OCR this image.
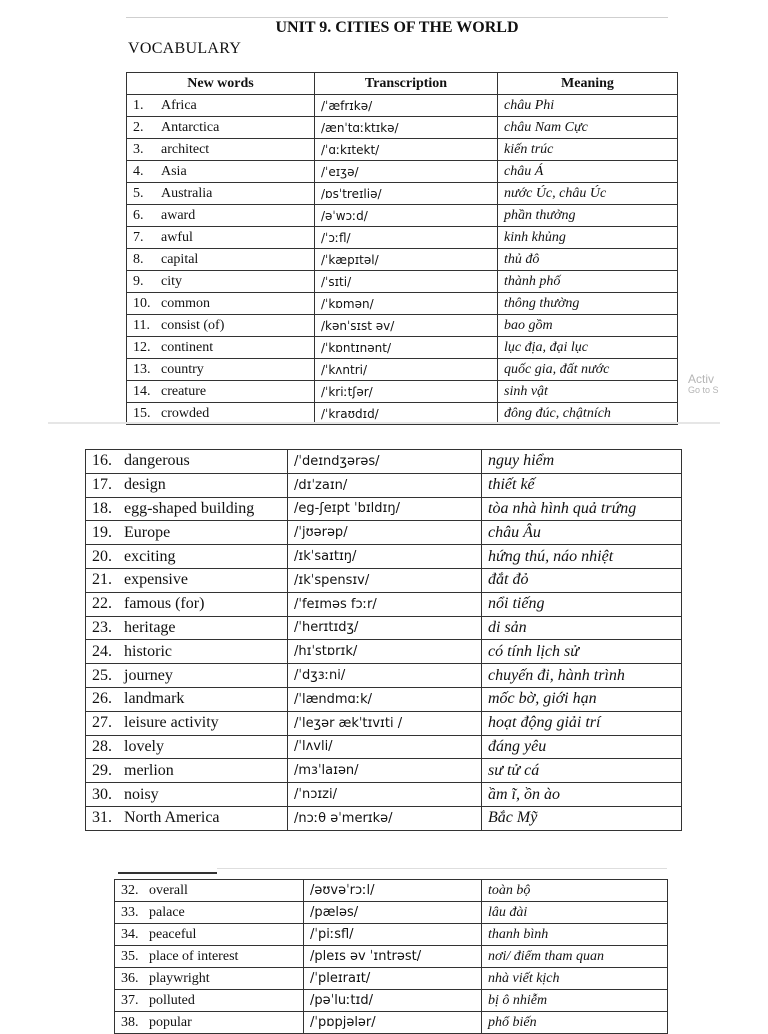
UNIT 9. CITIES OF THE WORLD
VOCABULARY
New words	Transcription	Meaning
1. Africa	/ˈæfrɪkə/	châu Phi
2. Antarctica	/ænˈtɑːktɪkə/	châu Nam Cực
3. architect	/ˈɑːkɪtekt/	kiến trúc
4. Asia	/ˈeɪʒə/	châu Á
5. Australia	/ɒsˈtreɪliə/	nước Úc, châu Úc
6. award	/əˈwɔːd/	phần thưởng
7. awful	/ˈɔːfl/	kinh khủng
8. capital	/ˈkæpɪtəl/	thủ đô
9. city	/ˈsɪti/	thành phố
10. common	/ˈkɒmən/	thông thường
11. consist (of)	/kənˈsɪst əv/	bao gồm
12. continent	/ˈkɒntɪnənt/	lục địa, đại lục
13. country	/ˈkʌntri/	quốc gia, đất nước
14. creature	/ˈkriːtʃər/	sinh vật
15. crowded	/ˈkraʊdɪd/	đông đúc, chậtních
Activ
Go to S
16. dangerous	/ˈdeɪndʒərəs/	nguy hiểm
17. design	/dɪˈzaɪn/	thiết kế
18. egg-shaped building	/eg-ʃeɪpt ˈbɪldɪŋ/	tòa nhà hình quả trứng
19. Europe	/ˈjʊərəp/	châu Âu
20. exciting	/ɪkˈsaɪtɪŋ/	hứng thú, náo nhiệt
21. expensive	/ɪkˈspensɪv/	đắt đỏ
22. famous (for)	/ˈfeɪməs fɔːr/	nổi tiếng
23. heritage	/ˈherɪtɪdʒ/	di sản
24. historic	/hɪˈstɒrɪk/	có tính lịch sử
25. journey	/ˈdʒɜːni/	chuyến đi, hành trình
26. landmark	/ˈlændmɑːk/	mốc bờ, giới hạn
27. leisure activity	/ˈleʒər ækˈtɪvɪti /	hoạt động giải trí
28. lovely	/ˈlʌvli/	đáng yêu
29. merlion	/mɜˈlaɪən/	sư tử cá
30. noisy	/ˈnɔɪzi/	ầm ĩ, ồn ào
31. North America	/nɔːθ əˈmerɪkə/	Bắc Mỹ
32. overall	/əʊvəˈrɔːl/	toàn bộ
33. palace	/pæləs/	lâu đài
34. peaceful	/ˈpiːsfl/	thanh bình
35. place of interest	/pleɪs əv ˈɪntrəst/	nơi/ điểm tham quan
36. playwright	/ˈpleɪraɪt/	nhà viết kịch
37. polluted	/pəˈluːtɪd/	bị ô nhiễm
38. popular	/ˈpɒpjələr/	phổ biến
